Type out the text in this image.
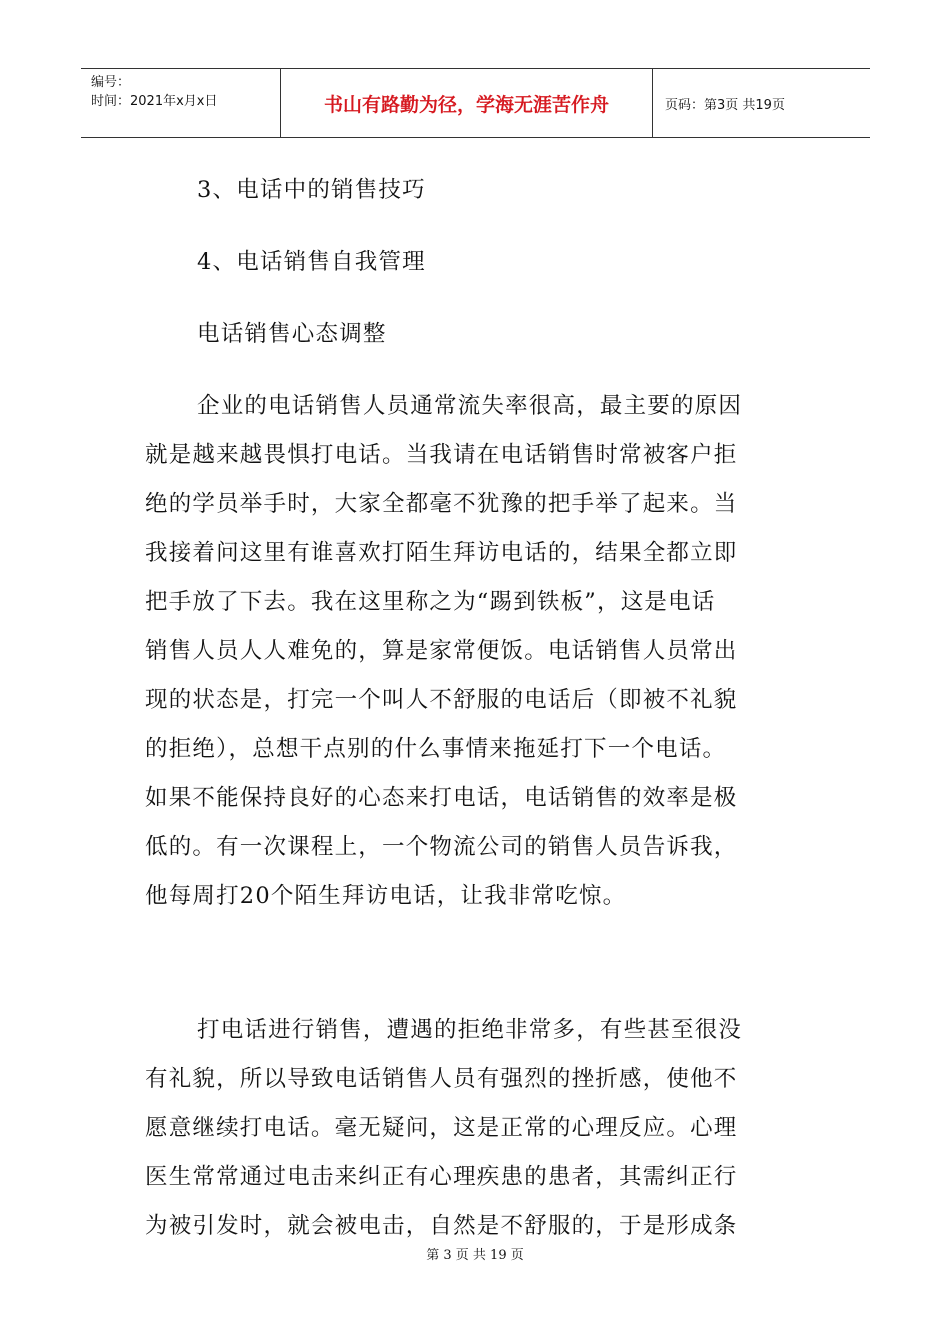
编号：
时间：2021年x月x日	书山有路勤为径，学海无涯苦作舟	页码：第3页 共19页
3、电话中的销售技巧
4、电话销售自我管理
电话销售心态调整
企业的电话销售人员通常流失率很高，最主要的原因
就是越来越畏惧打电话。当我请在电话销售时常被客户拒
绝的学员举手时，大家全都毫不犹豫的把手举了起来。当
我接着问这里有谁喜欢打陌生拜访电话的，结果全都立即
把手放了下去。我在这里称之为“踢到铁板”，这是电话
销售人员人人难免的，算是家常便饭。电话销售人员常出
现的状态是，打完一个叫人不舒服的电话后（即被不礼貌
的拒绝），总想干点别的什么事情来拖延打下一个电话。
如果不能保持良好的心态来打电话，电话销售的效率是极
低的。有一次课程上，一个物流公司的销售人员告诉我，
他每周打20个陌生拜访电话，让我非常吃惊。
打电话进行销售，遭遇的拒绝非常多，有些甚至很没
有礼貌，所以导致电话销售人员有强烈的挫折感，使他不
愿意继续打电话。毫无疑问，这是正常的心理反应。心理
医生常常通过电击来纠正有心理疾患的患者，其需纠正行
为被引发时，就会被电击，自然是不舒服的，于是形成条
第 3 页 共 19 页
